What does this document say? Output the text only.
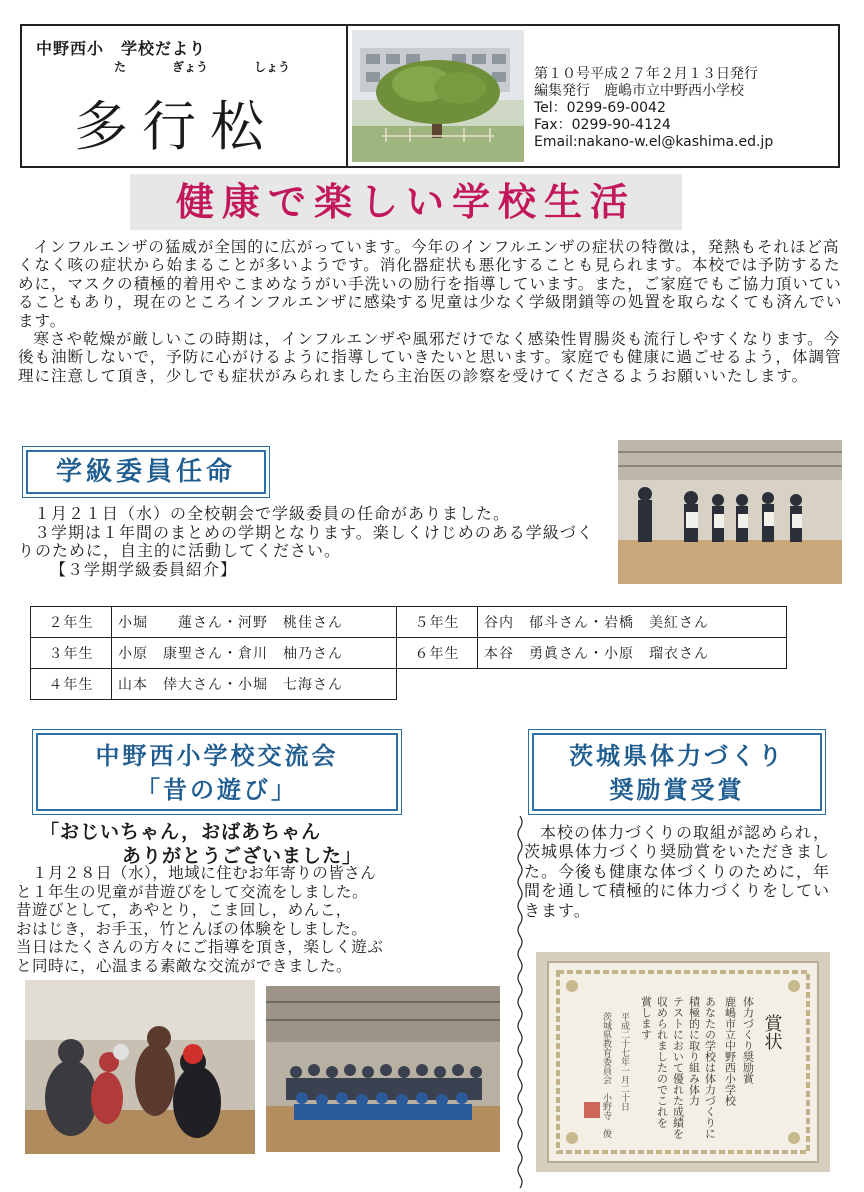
中野西小　学校だより
た	ぎょう	しょう
多行松
第１０号平成２７年２月１３日発行
編集発行　鹿嶋市立中野西小学校
Tel：0299-69-0042
Fax：0299-90-4124
Email:nakano-w.el@kashima.ed.jp
健康で楽しい学校生活

インフルエンザの猛威が全国的に広がっています。今年のインフルエンザの症状の特徴は，発熱もそれほど高くなく咳の症状から始まることが多いようです。消化器症状も悪化することも見られます。本校では予防するために，マスクの積極的着用やこまめなうがい手洗いの励行を指導しています。また，ご家庭でもご協力頂いていることもあり，現在のところインフルエンザに感染する児童は少なく学級閉鎖等の処置を取らなくても済んでいます。

寒さや乾燥が厳しいこの時期は，インフルエンザや風邪だけでなく感染性胃腸炎も流行しやすくなります。今後も油断しないで，予防に心がけるように指導していきたいと思います。家庭でも健康に過ごせるよう，体調管理に注意して頂き，少しでも症状がみられましたら主治医の診察を受けてくださるようお願いいたします。

学級委員任命

１月２１日（水）の全校朝会で学級委員の任命がありました。

３学期は１年間のまとめの学期となります。楽しくけじめのある学級づくりのために，自主的に活動してください。

【３学期学級委員紹介】

２年生	小堀　　蓮さん・河野　桃佳さん	５年生	谷内　郁斗さん・岩橋　美紅さん
３年生	小原　康聖さん・倉川　柚乃さん	６年生	本谷　勇眞さん・小原　瑠衣さん
４年生	山本　倖大さん・小堀　七海さん		
中野西小学校交流会
「昔の遊び」
「おじいちゃん，おばあちゃん
ありがとうございました」

　１月２８日（水），地域に住むお年寄りの皆さん

と１年生の児童が昔遊びをして交流をしました。

昔遊びとして，あやとり，こま回し，めんこ，

おはじき，お手玉，竹とんぼの体験をしました。

当日はたくさんの方々にご指導を頂き，楽しく遊ぶ

と同時に，心温まる素敵な交流ができました。

茨城県体力づくり
奨励賞受賞

本校の体力づくりの取組が認められ，茨城県体力づくり奨励賞をいただきました。今後も健康な体づくりのために，年間を通して積極的に体力づくりをしていきます。

賞状
体力づくり奨励賞
鹿嶋市立中野西小学校
あなたの学校は体力づくりに
積極的に取り組み体力
テストにおいて優れた成績を
収められましたのでこれを
賞します
平成二十七年一月二十日
茨城県教育委員会　小野寺　俊
